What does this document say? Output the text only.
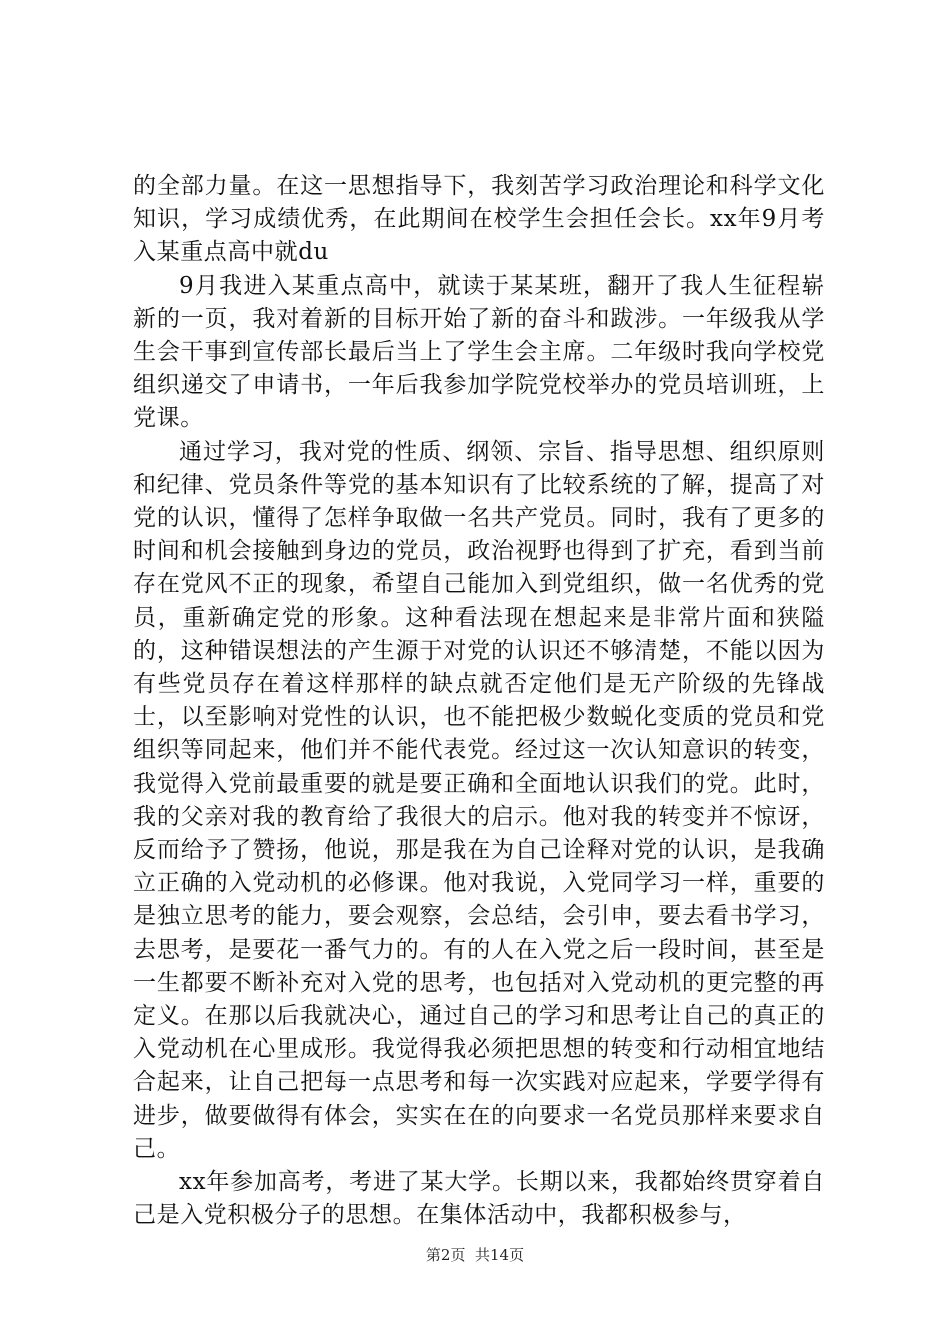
的全部力量。在这一思想指导下，我刻苦学习政治理论和科学文化知识，学习成绩优秀，在此期间在校学生会担任会长。xx年9月考入某重点高中就du

9月我进入某重点高中，就读于某某班，翻开了我人生征程崭新的一页，我对着新的目标开始了新的奋斗和跋涉。一年级我从学生会干事到宣传部长最后当上了学生会主席。二年级时我向学校党组织递交了申请书，一年后我参加学院党校举办的党员培训班，上党课。

通过学习，我对党的性质、纲领、宗旨、指导思想、组织原则和纪律、党员条件等党的基本知识有了比较系统的了解，提高了对党的认识，懂得了怎样争取做一名共产党员。同时，我有了更多的时间和机会接触到身边的党员，政治视野也得到了扩充，看到当前存在党风不正的现象，希望自己能加入到党组织，做一名优秀的党员，重新确定党的形象。这种看法现在想起来是非常片面和狭隘的，这种错误想法的产生源于对党的认识还不够清楚，不能以因为有些党员存在着这样那样的缺点就否定他们是无产阶级的先锋战士，以至影响对党性的认识，也不能把极少数蜕化变质的党员和党组织等同起来，他们并不能代表党。经过这一次认知意识的转变，我觉得入党前最重要的就是要正确和全面地认识我们的党。此时，我的父亲对我的教育给了我很大的启示。他对我的转变并不惊讶，反而给予了赞扬，他说，那是我在为自己诠释对党的认识，是我确立正确的入党动机的必修课。他对我说，入党同学习一样，重要的是独立思考的能力，要会观察，会总结，会引申，要去看书学习，去思考，是要花一番气力的。有的人在入党之后一段时间，甚至是一生都要不断补充对入党的思考，也包括对入党动机的更完整的再定义。在那以后我就决心，通过自己的学习和思考让自己的真正的入党动机在心里成形。我觉得我必须把思想的转变和行动相宜地结合起来，让自己把每一点思考和每一次实践对应起来，学要学得有进步，做要做得有体会，实实在在的向要求一名党员那样来要求自己。

xx年参加高考，考进了某大学。长期以来，我都始终贯穿着自己是入党积极分子的思想。在集体活动中，我都积极参与，

第2页 共14页
